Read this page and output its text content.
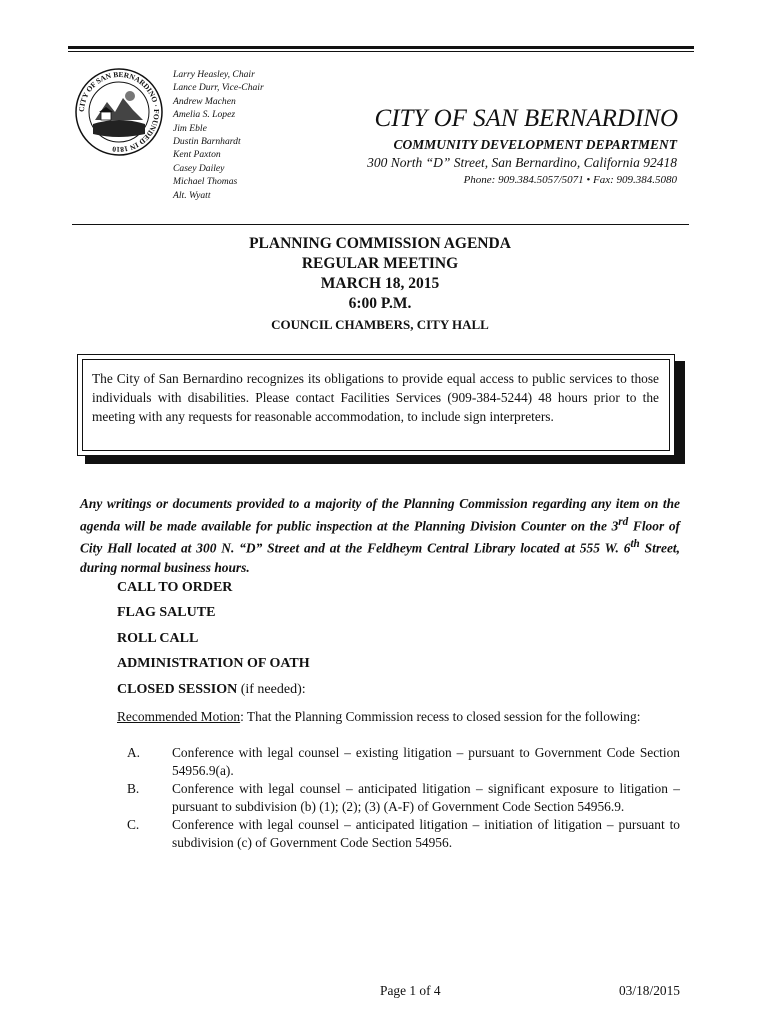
CITY OF SAN BERNARDINO · FOUNDED IN 1810
Larry Heasley, Chair
Lance Durr, Vice-Chair
Andrew Machen
Amelia S. Lopez
Jim Eble
Dustin Barnhardt
Kent Paxton
Casey Dailey
Michael Thomas
Alt. Wyatt
CITY OF SAN BERNARDINO
COMMUNITY DEVELOPMENT DEPARTMENT
300 North “D” Street, San Bernardino, California 92418
Phone: 909.384.5057/5071 • Fax: 909.384.5080
PLANNING COMMISSION AGENDA
REGULAR MEETING
MARCH 18, 2015
6:00 P.M.
COUNCIL CHAMBERS, CITY HALL
The City of San Bernardino recognizes its obligations to provide equal access to public services to those individuals with disabilities. Please contact Facilities Services (909-384-5244) 48 hours prior to the meeting with any requests for reasonable accommodation, to include sign interpreters.
Any writings or documents provided to a majority of the Planning Commission regarding any item on the agenda will be made available for public inspection at the Planning Division Counter on the 3rd Floor of City Hall located at 300 N. “D” Street and at the Feldheym Central Library located at 555 W. 6th Street, during normal business hours.
CALL TO ORDER
FLAG SALUTE
ROLL CALL
ADMINISTRATION OF OATH
CLOSED SESSION (if needed):
Recommended Motion: That the Planning Commission recess to closed session for the following:
A.	Conference with legal counsel – existing litigation – pursuant to Government Code Section 54956.9(a).
B.	Conference with legal counsel – anticipated litigation – significant exposure to litigation – pursuant to subdivision (b) (1); (2); (3) (A-F) of Government Code Section 54956.9.
C.	Conference with legal counsel – anticipated litigation – initiation of litigation – pursuant to subdivision (c) of Government Code Section 54956.
Page 1 of 4	03/18/2015
